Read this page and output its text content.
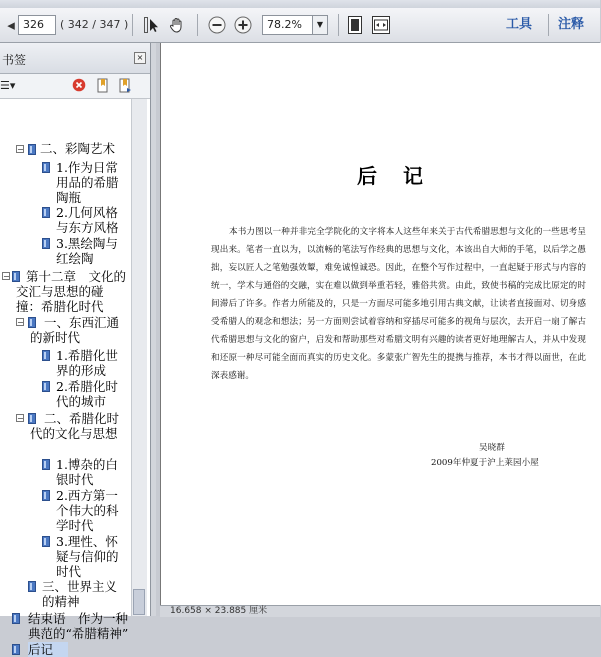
◂ 326	( 342 / 347 )	78.2%	▼	工具 注释
书签	×
☰▾
− 二、彩陶艺术
1.作为日常用品的希腊陶瓶
2.几何风格与东方风格
3.黑绘陶与红绘陶
−	第十二章　文化的交汇与思想的碰撞：希腊化时代
−	一、东西汇通的新时代
1.希腊化世界的形成
2.希腊化时代的城市
−	二、希腊化时代的文化与思想
1.博杂的白银时代
2.西方第一个伟大的科学时代
3.理性、怀疑与信仰的时代
三、世界主义的精神
结束语　作为一种典范的“希腊精神”
后记
后记

本书力图以一种并非完全学院化的文字将本人这些年来关于古代希腊思想与文化的一些思考呈现出来。笔者一直以为，以流畅的笔法写作经典的思想与文化，本该出自大师的手笔，以后学之愚拙，妄以匠人之笔勉强效颦，难免诚惶诚恐。因此，在整个写作过程中，一直起疑于形式与内容的统一，学术与通俗的交融，实在难以做到举重若轻，雅俗共赏。由此，致使书稿的完成比原定的时间滞后了许多。作者力所能及的，只是一方面尽可能多地引用古典文献，让读者直接面对、切身感受希腊人的观念和想法；另一方面则尝试着容纳和穿插尽可能多的视角与层次，去开启一扇了解古代希腊思想与文化的窗户，启发和帮助那些对希腊文明有兴趣的读者更好地理解古人，并从中发现和还原一种尽可能全面而真实的历史文化。多蒙张广智先生的提携与推荐，本书才得以面世，在此深表感谢。

吴晓群
2009年仲夏于沪上莱园小屋
16.658 × 23.885 厘米
